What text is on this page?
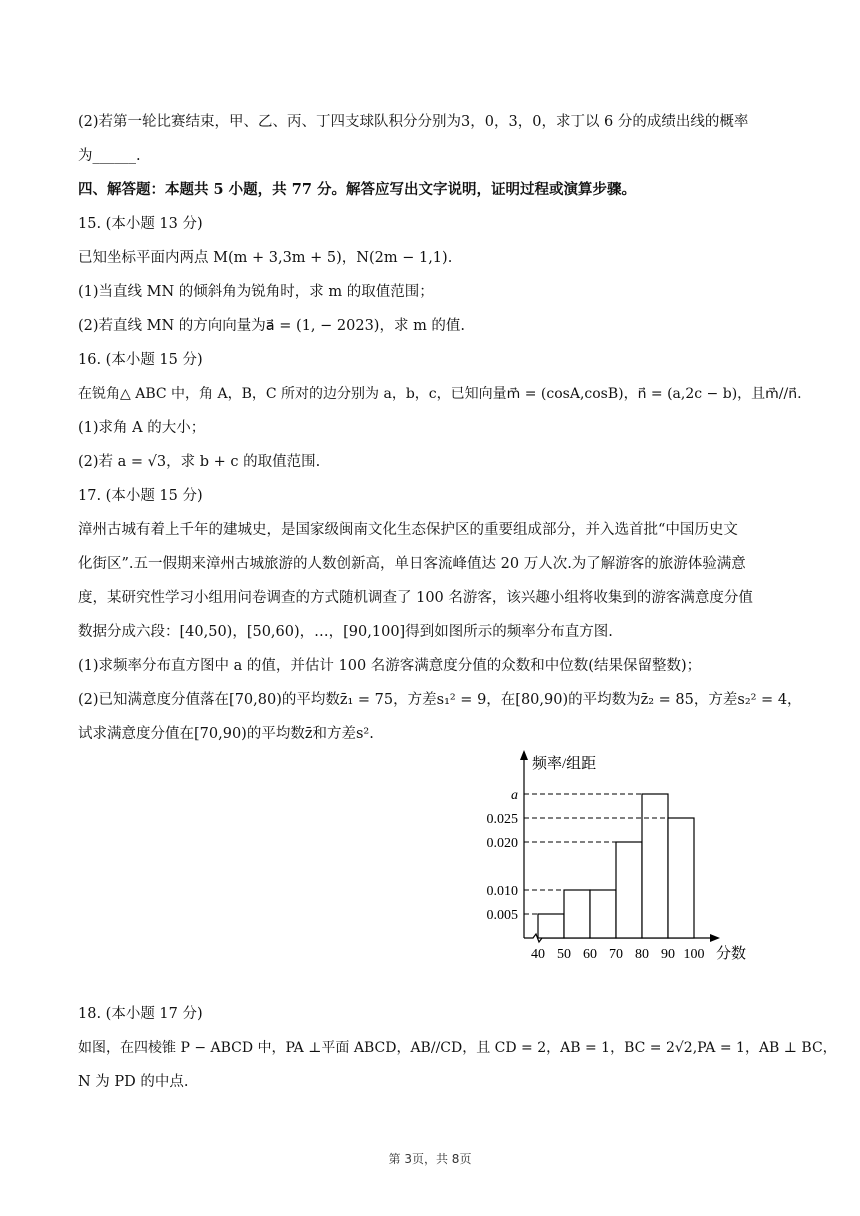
(2)若第一轮比赛结束，甲、乙、丙、丁四支球队积分分别为3，0，3，0，求丁以 6 分的成绩出线的概率
为______.
四、解答题：本题共 5 小题，共 77 分。解答应写出文字说明，证明过程或演算步骤。
15. (本小题 13 分)
已知坐标平面内两点 M(m + 3,3m + 5)，N(2m − 1,1).
(1)当直线 MN 的倾斜角为锐角时，求 m 的取值范围；
(2)若直线 MN 的方向向量为a⃗ = (1, − 2023)，求 m 的值.
16. (本小题 15 分)
在锐角△ ABC 中，角 A，B，C 所对的边分别为 a，b，c，已知向量m⃗ = (cosA,cosB)，n⃗ = (a,2c − b)，且m⃗//n⃗.
(1)求角 A 的大小；
(2)若 a = √3，求 b + c 的取值范围.
17. (本小题 15 分)
漳州古城有着上千年的建城史，是国家级闽南文化生态保护区的重要组成部分，并入选首批“中国历史文
化街区”.五一假期来漳州古城旅游的人数创新高，单日客流峰值达 20 万人次.为了解游客的旅游体验满意
度，某研究性学习小组用问卷调查的方式随机调查了 100 名游客，该兴趣小组将收集到的游客满意度分值
数据分成六段：[40,50)，[50,60)，…，[90,100]得到如图所示的频率分布直方图.
(1)求频率分布直方图中 a 的值，并估计 100 名游客满意度分值的众数和中位数(结果保留整数)；
(2)已知满意度分值落在[70,80)的平均数z̄₁ = 75，方差s₁² = 9，在[80,90)的平均数为z̄₂ = 85，方差s₂² = 4，
试求满意度分值在[70,90)的平均数z̄和方差s².
0.005
0.010
0.020
0.025
a
40 50 60 70 80 90 100
频率/组距
分数
18. (本小题 17 分)
如图，在四棱锥 P − ABCD 中，PA ⊥平面 ABCD，AB//CD，且 CD = 2，AB = 1，BC = 2√2,PA = 1，AB ⊥ BC，
N 为 PD 的中点.
第 3页，共 8页
